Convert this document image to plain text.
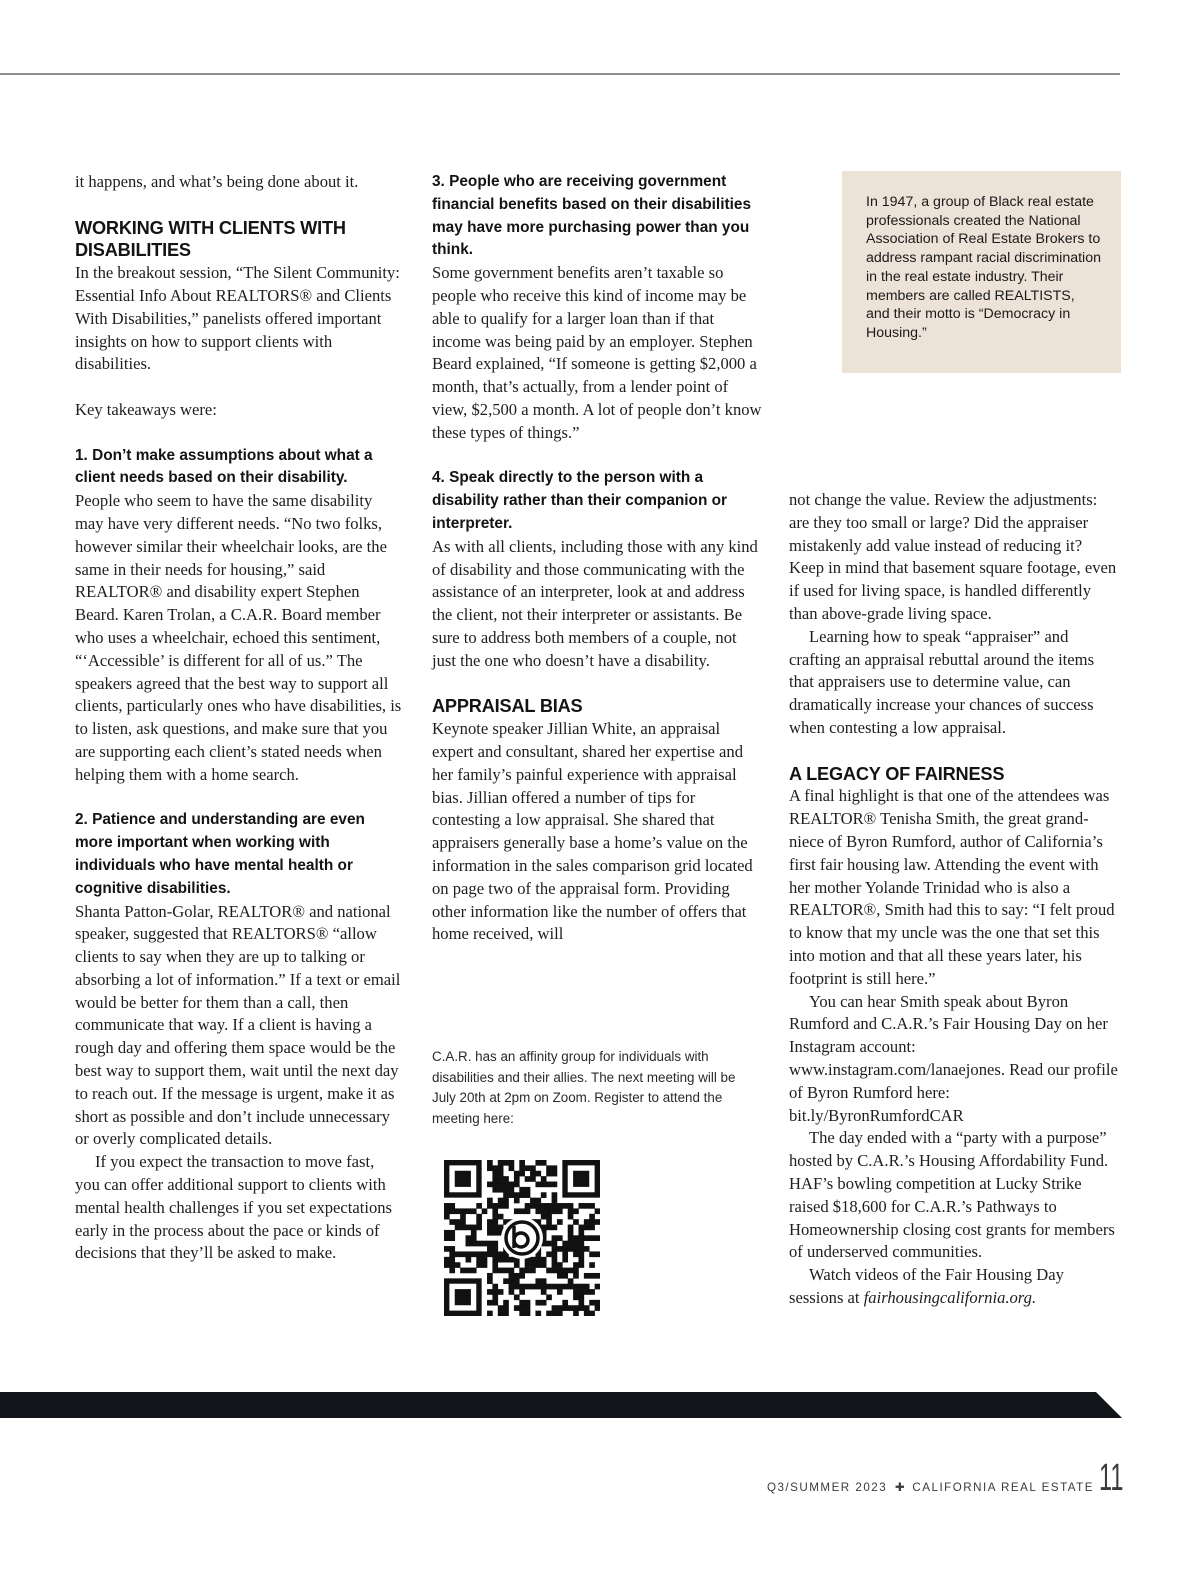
it happens, and what’s being done about it.

WORKING WITH CLIENTS WITH DISABILITIES

In the breakout session, “The Silent Community: Essential Info About REALTORS® and Clients With Disabilities,” panelists offered important insights on how to support clients with disabilities.

Key takeaways were:

1. Don’t make assumptions about what a client needs based on their disability.

People who seem to have the same disability may have very different needs. “No two folks, however similar their wheelchair looks, are the same in their needs for housing,” said REALTOR® and disability expert Stephen Beard. Karen Trolan, a C.A.R. Board member who uses a wheelchair, echoed this sentiment, “‘Accessible’ is different for all of us.” The speakers agreed that the best way to support all clients, particularly ones who have disabilities, is to listen, ask questions, and make sure that you are supporting each client’s stated needs when helping them with a home search.

2. Patience and understanding are even more important when working with individuals who have mental health or cognitive disabilities.

Shanta Patton-Golar, REALTOR® and national speaker, suggested that REALTORS® “allow clients to say when they are up to talking or absorbing a lot of information.” If a text or email would be better for them than a call, then communicate that way. If a client is having a rough day and offering them space would be the best way to support them, wait until the next day to reach out. If the message is urgent, make it as short as possible and don’t include unnecessary or overly complicated details.

If you expect the transaction to move fast, you can offer additional support to clients with mental health challenges if you set expectations early in the process about the pace or kinds of decisions that they’ll be asked to make.

3. People who are receiving government financial benefits based on their disabilities may have more purchasing power than you think.

Some government benefits aren’t taxable so people who receive this kind of income may be able to qualify for a larger loan than if that income was being paid by an employer. Stephen Beard explained, “If someone is getting $2,000 a month, that’s actually, from a lender point of view, $2,500 a month. A lot of people don’t know these types of things.”

4. Speak directly to the person with a disability rather than their companion or interpreter.

As with all clients, including those with any kind of disability and those communicating with the assistance of an interpreter, look at and address the client, not their interpreter or assistants. Be sure to address both members of a couple, not just the one who doesn’t have a disability.

APPRAISAL BIAS

Keynote speaker Jillian White, an appraisal expert and consultant, shared her expertise and her family’s painful experience with appraisal bias. Jillian offered a number of tips for contesting a low appraisal. She shared that appraisers generally base a home’s value on the information in the sales comparison grid located on page two of the appraisal form. Providing other information like the number of offers that home received, will

In 1947, a group of Black real estate professionals created the National Association of Real Estate Brokers to address rampant racial discrimination in the real estate industry. Their members are called REALTISTS, and their motto is “Democracy in Housing.”

C.A.R. has an affinity group for individuals with disabilities and their allies. The next meeting will be July 20th at 2pm on Zoom. Register to attend the meeting here:

not change the value. Review the adjustments: are they too small or large? Did the appraiser mistakenly add value instead of reducing it? Keep in mind that basement square footage, even if used for living space, is handled differently than above-grade living space.

Learning how to speak “appraiser” and crafting an appraisal rebuttal around the items that appraisers use to determine value, can dramatically increase your chances of success when contesting a low appraisal.

A LEGACY OF FAIRNESS

A final highlight is that one of the attendees was REALTOR® Tenisha Smith, the great grand-niece of Byron Rumford, author of California’s first fair housing law. Attending the event with her mother Yolande Trinidad who is also a REALTOR®, Smith had this to say: “I felt proud to know that my uncle was the one that set this into motion and that all these years later, his footprint is still here.”

You can hear Smith speak about Byron Rumford and C.A.R.’s Fair Housing Day on her Instagram account: www.instagram.com/lanaejones. Read our profile of Byron Rumford here: bit.ly/ByronRumfordCAR

The day ended with a “party with a purpose” hosted by C.A.R.’s Housing Affordability Fund. HAF’s bowling competition at Lucky Strike raised $18,600 for C.A.R.’s Pathways to Homeownership closing cost grants for members of underserved communities.

Watch videos of the Fair Housing Day sessions at fairhousingcalifornia.org.

Q3/SUMMER 2023 ✚ CALIFORNIA REAL ESTATE 11
